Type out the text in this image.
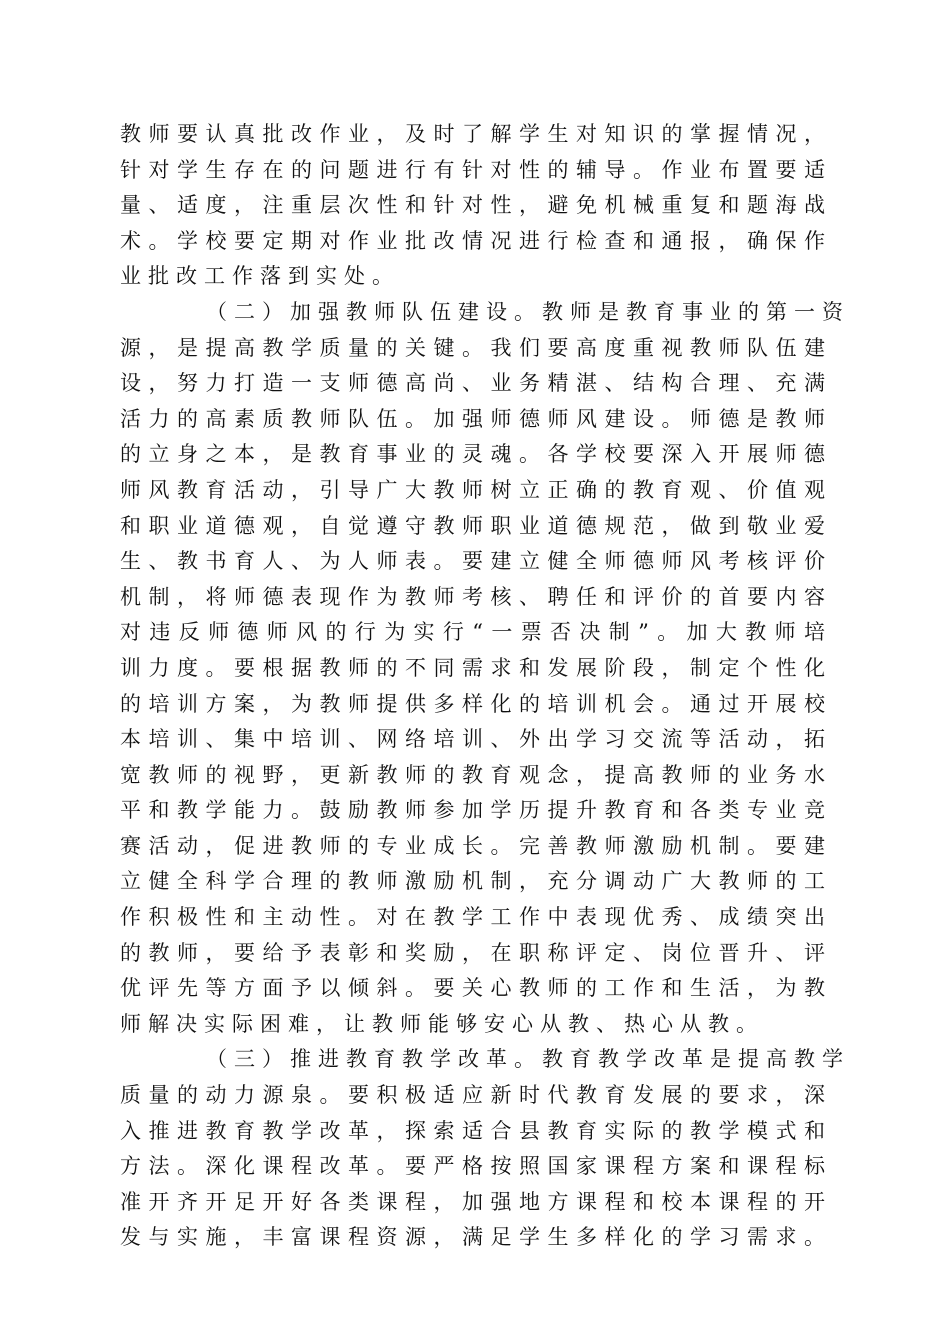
教师要认真批改作业，及时了解学生对知识的掌握情况，
针对学生存在的问题进行有针对性的辅导。作业布置要适
量、适度，注重层次性和针对性，避免机械重复和题海战
术。学校要定期对作业批改情况进行检查和通报，确保作
业批改工作落到实处。
（二）加强教师队伍建设。教师是教育事业的第一资
源，是提高教学质量的关键。我们要高度重视教师队伍建
设，努力打造一支师德高尚、业务精湛、结构合理、充满
活力的高素质教师队伍。加强师德师风建设。师德是教师
的立身之本，是教育事业的灵魂。各学校要深入开展师德
师风教育活动，引导广大教师树立正确的教育观、价值观
和职业道德观，自觉遵守教师职业道德规范，做到敬业爱
生、教书育人、为人师表。要建立健全师德师风考核评价
机制，将师德表现作为教师考核、聘任和评价的首要内容
对违反师德师风的行为实行“一票否决制”。加大教师培
训力度。要根据教师的不同需求和发展阶段，制定个性化
的培训方案，为教师提供多样化的培训机会。通过开展校
本培训、集中培训、网络培训、外出学习交流等活动，拓
宽教师的视野，更新教师的教育观念，提高教师的业务水
平和教学能力。鼓励教师参加学历提升教育和各类专业竞
赛活动，促进教师的专业成长。完善教师激励机制。要建
立健全科学合理的教师激励机制，充分调动广大教师的工
作积极性和主动性。对在教学工作中表现优秀、成绩突出
的教师，要给予表彰和奖励，在职称评定、岗位晋升、评
优评先等方面予以倾斜。要关心教师的工作和生活，为教
师解决实际困难，让教师能够安心从教、热心从教。
（三）推进教育教学改革。教育教学改革是提高教学
质量的动力源泉。要积极适应新时代教育发展的要求，深
入推进教育教学改革，探索适合县教育实际的教学模式和
方法。深化课程改革。要严格按照国家课程方案和课程标
准开齐开足开好各类课程，加强地方课程和校本课程的开
发与实施，丰富课程资源，满足学生多样化的学习需求。
